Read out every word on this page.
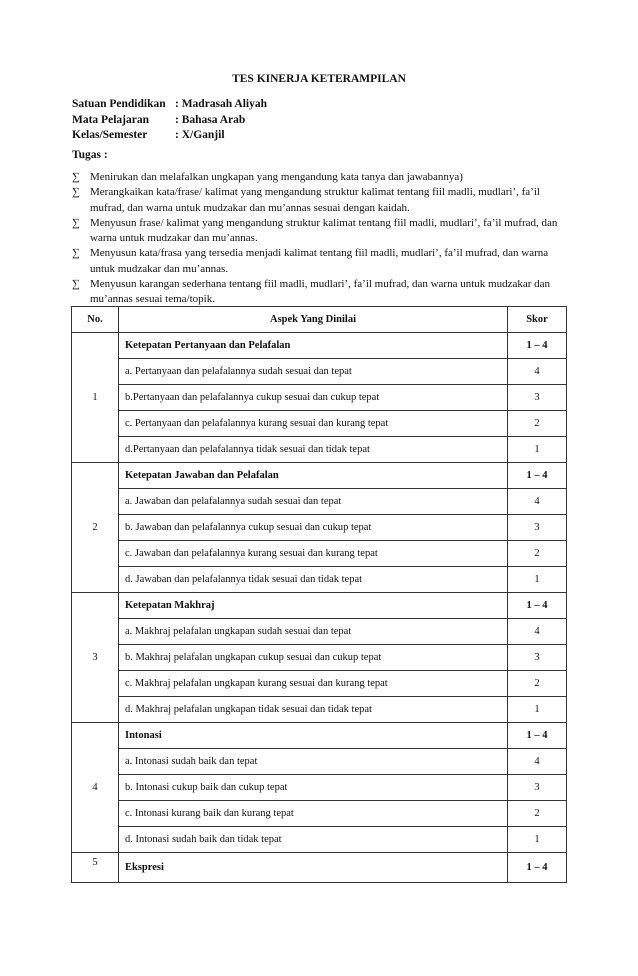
TES KINERJA KETERAMPILAN
Satuan Pendidikan : Madrasah Aliyah
Mata Pelajaran : Bahasa Arab
Kelas/Semester : X/Ganjil
Tugas :
∑ Menirukan dan melafalkan ungkapan yang mengandung kata tanya dan jawabannya)
∑ Merangkaikan kata/frase/ kalimat yang mengandung struktur kalimat tentang fiil madli, mudlari’, fa’il mufrad, dan warna untuk mudzakar dan mu’annas sesuai dengan kaidah.
∑ Menyusun frase/ kalimat yang mengandung struktur kalimat tentang fiil madli, mudlari’, fa’il mufrad, dan warna untuk mudzakar dan mu’annas.
∑ Menyusun kata/frasa yang tersedia menjadi kalimat tentang fiil madli, mudlari’, fa’il mufrad, dan warna untuk mudzakar dan mu’annas.
∑ Menyusun karangan sederhana tentang fiil madli, mudlari’, fa’il mufrad, dan warna untuk mudzakar dan mu’annas sesuai tema/topik.
No.	Aspek Yang Dinilai	Skor
1	Ketepatan Pertanyaan dan Pelafalan	1 – 4
	a. Pertanyaan dan pelafalannya sudah sesuai dan tepat	4
	b.Pertanyaan dan pelafalannya cukup sesuai dan cukup tepat	3
	c. Pertanyaan dan pelafalannya kurang sesuai dan kurang tepat	2
	d.Pertanyaan dan pelafalannya tidak sesuai dan tidak tepat	1
2	Ketepatan Jawaban dan Pelafalan	1 – 4
	a. Jawaban dan pelafalannya sudah sesuai dan tepat	4
	b. Jawaban dan pelafalannya cukup sesuai dan cukup tepat	3
	c. Jawaban dan pelafalannya kurang sesuai dan kurang tepat	2
	d. Jawaban dan pelafalannya tidak sesuai dan tidak tepat	1
3	Ketepatan Makhraj	1 – 4
	a. Makhraj pelafalan ungkapan sudah sesuai dan tepat	4
	b. Makhraj pelafalan ungkapan cukup sesuai dan cukup tepat	3
	c. Makhraj pelafalan ungkapan kurang sesuai dan kurang tepat	2
	d. Makhraj pelafalan ungkapan tidak sesuai dan tidak tepat	1
4	Intonasi	1 – 4
	a. Intonasi sudah baik dan tepat	4
	b. Intonasi cukup baik dan cukup tepat	3
	c. Intonasi kurang baik dan kurang tepat	2
	d. Intonasi sudah baik dan tidak tepat	1
5	Ekspresi	1 – 4
